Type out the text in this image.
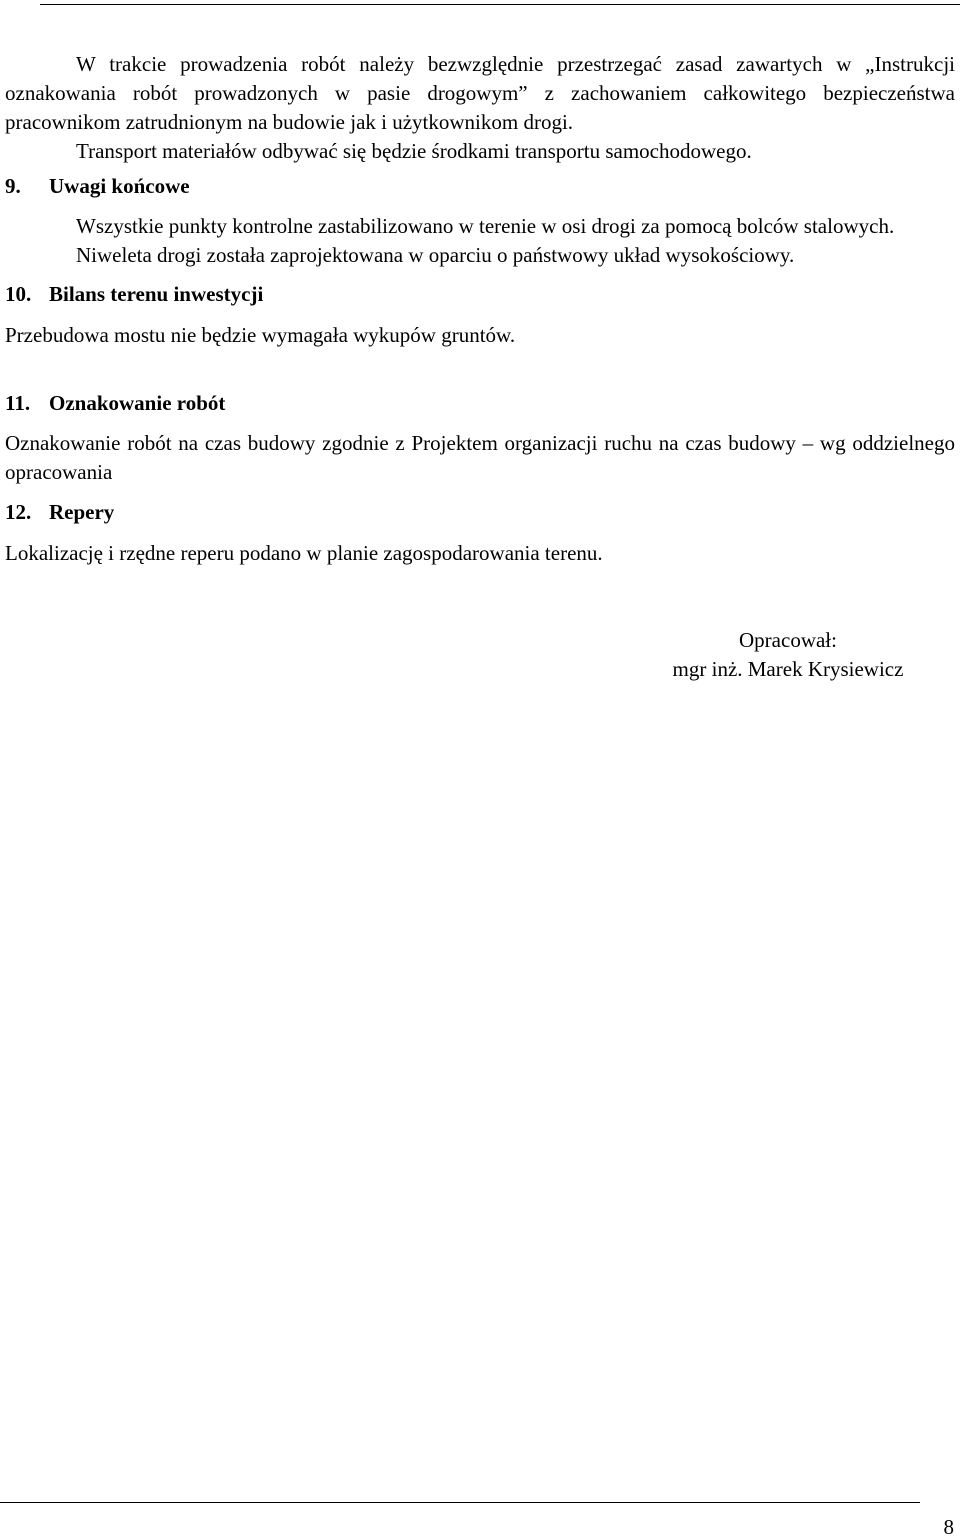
W trakcie prowadzenia robót należy bezwzględnie przestrzegać zasad zawartych w „Instrukcji oznakowania robót prowadzonych w pasie drogowym” z zachowaniem całkowitego bezpieczeństwa pracownikom zatrudnionym na budowie jak i użytkownikom drogi.

Transport materiałów odbywać się będzie środkami transportu samochodowego.

9. Uwagi końcowe

Wszystkie punkty kontrolne zastabilizowano w terenie w osi drogi za pomocą bolców stalowych.

Niweleta drogi została zaprojektowana w oparciu o państwowy układ wysokościowy.

10. Bilans terenu inwestycji

Przebudowa mostu nie będzie wymagała wykupów gruntów.

11. Oznakowanie robót

Oznakowanie robót na czas budowy zgodnie z Projektem organizacji ruchu na czas budowy – wg oddzielnego opracowania

12. Repery

Lokalizację i rzędne reperu podano w planie zagospodarowania terenu.

Opracował:
mgr inż. Marek Krysiewicz
8
